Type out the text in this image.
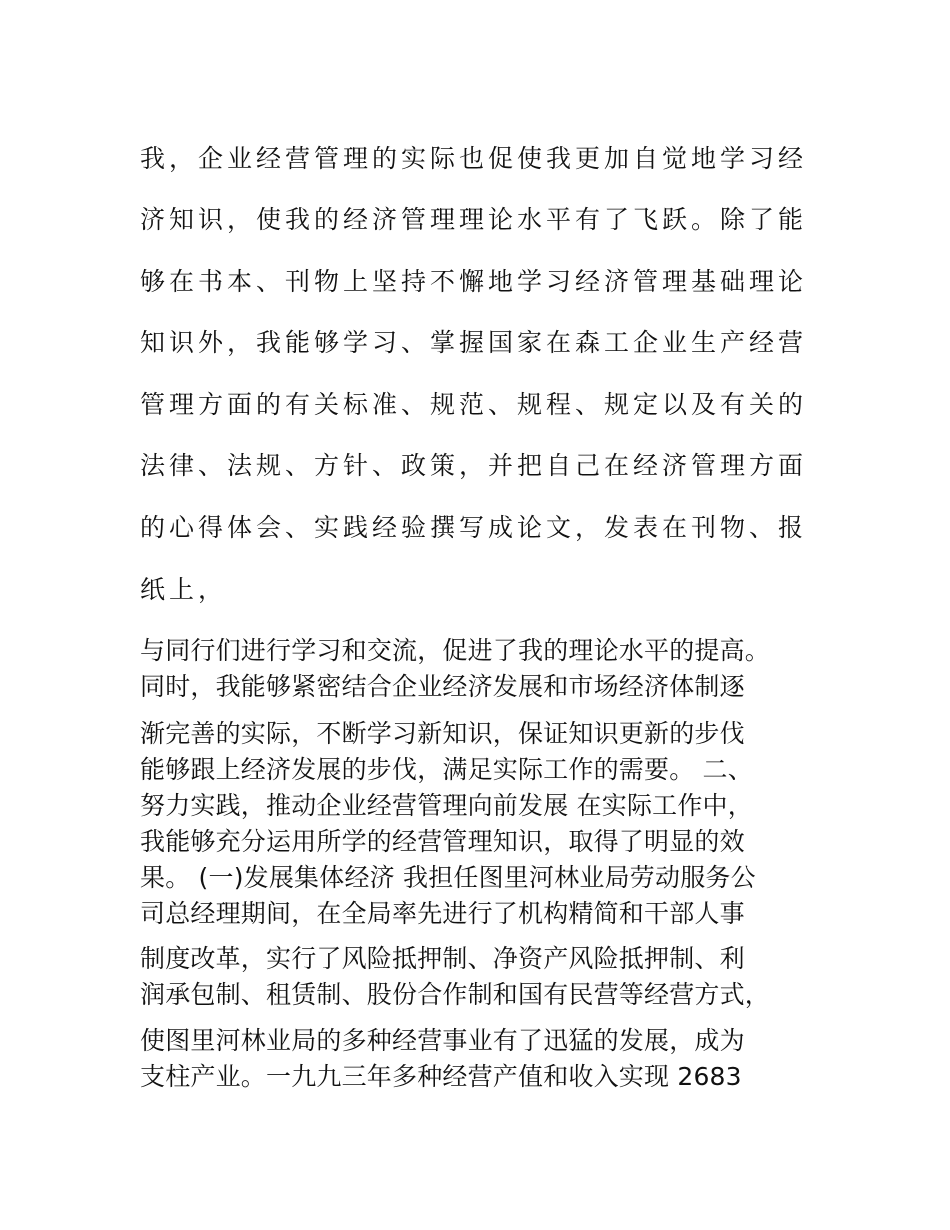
我，企业经营管理的实际也促使我更加自觉地学习经
济知识，使我的经济管理理论水平有了飞跃。除了能
够在书本、刊物上坚持不懈地学习经济管理基础理论
知识外，我能够学习、掌握国家在森工企业生产经营
管理方面的有关标准、规范、规程、规定以及有关的
法律、法规、方针、政策，并把自己在经济管理方面
的心得体会、实践经验撰写成论文，发表在刊物、报
纸上，
与同行们进行学习和交流，促进了我的理论水平的提高。
同时，我能够紧密结合企业经济发展和市场经济体制逐
渐完善的实际，不断学习新知识，保证知识更新的步伐
能够跟上经济发展的步伐，满足实际工作的需要。 二、
努力实践，推动企业经营管理向前发展 在实际工作中，
我能够充分运用所学的经营管理知识，取得了明显的效
果。 (一)发展集体经济 我担任图里河林业局劳动服务公
司总经理期间，在全局率先进行了机构精简和干部人事
制度改革，实行了风险抵押制、净资产风险抵押制、利
润承包制、租赁制、股份合作制和国有民营等经营方式，
使图里河林业局的多种经营事业有了迅猛的发展，成为
支柱产业。一九九三年多种经营产值和收入实现 2683
